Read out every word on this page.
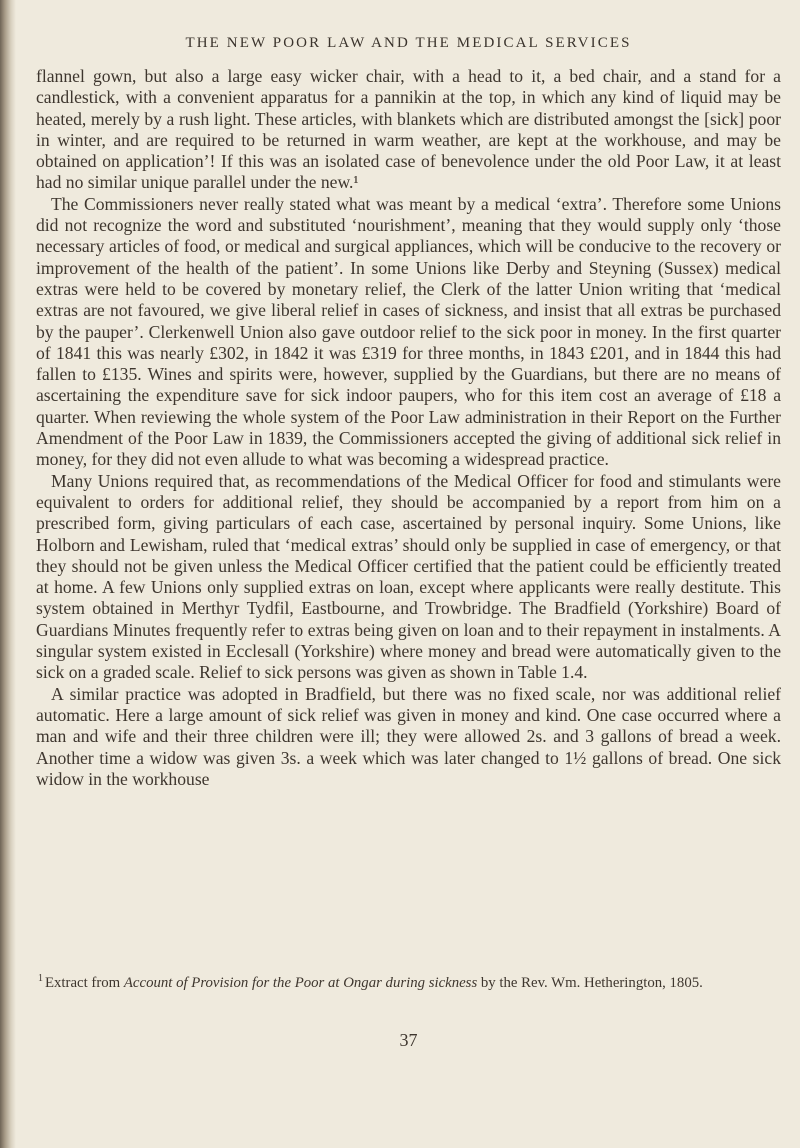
THE NEW POOR LAW AND THE MEDICAL SERVICES

flannel gown, but also a large easy wicker chair, with a head to it, a bed chair, and a stand for a candlestick, with a convenient apparatus for a pannikin at the top, in which any kind of liquid may be heated, merely by a rush light. These articles, with blankets which are distributed amongst the [sick] poor in winter, and are required to be returned in warm weather, are kept at the workhouse, and may be obtained on application’! If this was an isolated case of benevolence under the old Poor Law, it at least had no similar unique parallel under the new.¹

The Commissioners never really stated what was meant by a medical ‘extra’. Therefore some Unions did not recognize the word and substituted ‘nourishment’, meaning that they would supply only ‘those necessary articles of food, or medical and surgical appliances, which will be conducive to the recovery or improvement of the health of the patient’. In some Unions like Derby and Steyning (Sussex) medical extras were held to be covered by monetary relief, the Clerk of the latter Union writing that ‘medical extras are not favoured, we give liberal relief in cases of sickness, and insist that all extras be purchased by the pauper’. Clerkenwell Union also gave outdoor relief to the sick poor in money. In the first quarter of 1841 this was nearly £302, in 1842 it was £319 for three months, in 1843 £201, and in 1844 this had fallen to £135. Wines and spirits were, however, supplied by the Guardians, but there are no means of ascertaining the expenditure save for sick indoor paupers, who for this item cost an average of £18 a quarter. When reviewing the whole system of the Poor Law administration in their Report on the Further Amendment of the Poor Law in 1839, the Commissioners accepted the giving of additional sick relief in money, for they did not even allude to what was becoming a widespread practice.

Many Unions required that, as recommendations of the Medical Officer for food and stimulants were equivalent to orders for additional relief, they should be accompanied by a report from him on a prescribed form, giving particulars of each case, ascertained by personal inquiry. Some Unions, like Holborn and Lewisham, ruled that ‘medical extras’ should only be supplied in case of emergency, or that they should not be given unless the Medical Officer certified that the patient could be efficiently treated at home. A few Unions only supplied extras on loan, except where applicants were really destitute. This system obtained in Merthyr Tydfil, Eastbourne, and Trowbridge. The Bradfield (Yorkshire) Board of Guardians Minutes frequently refer to extras being given on loan and to their repayment in instalments. A singular system existed in Ecclesall (Yorkshire) where money and bread were automatically given to the sick on a graded scale. Relief to sick persons was given as shown in Table 1.4.

A similar practice was adopted in Bradfield, but there was no fixed scale, nor was additional relief automatic. Here a large amount of sick relief was given in money and kind. One case occurred where a man and wife and their three children were ill; they were allowed 2s. and 3 gallons of bread a week. Another time a widow was given 3s. a week which was later changed to 1½ gallons of bread. One sick widow in the workhouse

$^1$ Extract from Account of Provision for the Poor at Ongar during sickness by the Rev. Wm. Hetherington, 1805.
37
